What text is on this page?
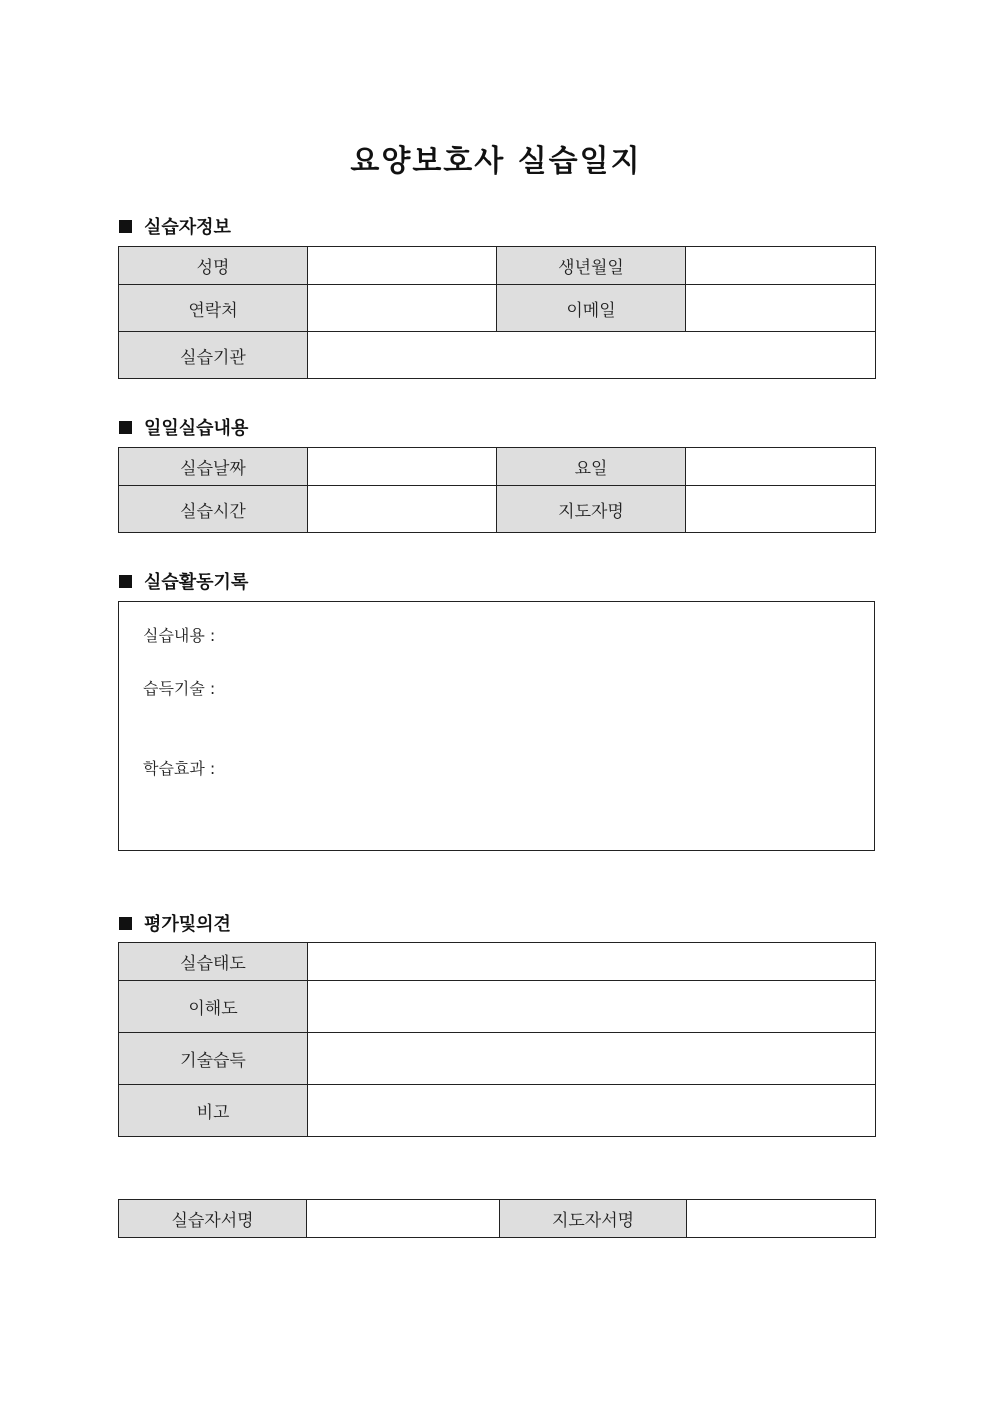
요양보호사 실습일지
실습자정보
성명		생년월일	
연락처		이메일	
실습기관			
일일실습내용
실습날짜		요일	
실습시간		지도자명	
실습활동기록
실습내용 :
습득기술 :
학습효과 :
평가및의견
실습태도	
이해도	
기술습득	
비고	
실습자서명		지도자서명	
